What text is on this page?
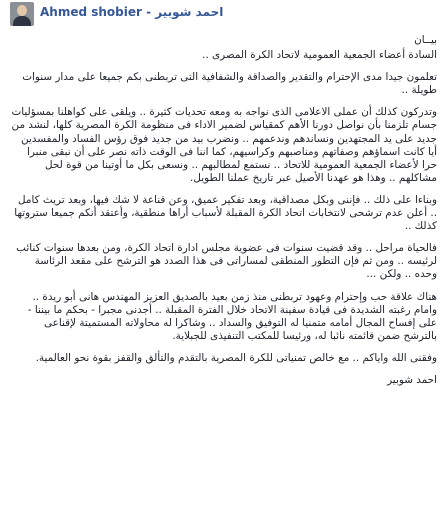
Ahmed shobier - احمد شوبير

بيــان

السادة أعضاء الجمعية العمومية لاتحاد الكرة المصرى ..

تعلمون جيدا مدى الإحترام والتقدير والصداقة والشفافية التى تربطنى بكم جميعا على مدار سنوات طويلة ..

وتدركون كذلك أن عملى الاعلامى الذى نواجه به ومعه تحديات كثيرة .. ويلقى على كواهلنا بمسؤليات جسام تلزمنا بأن نواصل دورنا الأهم كمقياس لضمير الاداء فى منظومة الكرة المصرية كلها، لنشد من جديد على يد المجتهدين ونساندهم وندعمهم .. ونضرب بيد من جديد فوق رؤس الفساد والمفسدين أيا كانت اسماؤهم وصفاتهم ومناصبهم وكراسيهم، كما اننا فى الوقت ذاته نصر على أن نبقى منبرا حرا لأعضاء الجمعية العمومية للاتحاد .. نستمع لمطالبهم .. ونسعى بكل ما أوتينا من قوة لحل مشاكلهم .. وهذا هو عهدنا الأصيل عبر تاريخ عملنا الطويل.

وبناءا على ذلك .. فإننى وبكل مصداقية، وبعد تفكير عميق، وعن قناعة لا شك فيها، وبعد تريث كامل .. أعلن عدم ترشحى لانتخابات اتحاد الكرة المقبلة لأسباب أراها منطقية، وأعتقد أنكم جميعا ستروتها كذلك ..

فالحياة مراحل .. وقد قضيت سنوات فى عضوية مجلس ادارة اتحاد الكرة، ومن بعدها سنوات كنائب لرئيسه .. ومن ثم فإن التطور المنطقى لمساراتى فى هذا الصدد هو الترشح على مقعد الرئاسة وحده .. ولكن ...

هناك علاقة حب وإحترام وعهود تربطنى منذ زمن بعيد بالصديق العزيز المهندس هانى أبو ريدة .. وامام رغبته الشديدة فى قيادة سفينة الاتحاد خلال الفترة المقبلة .. أجدنى مجبرا - بحكم ما بيننا - على إفساح المجال أمامه متمنيا له التوفيق والسداد .. وشاكرا له محاولاته المستميتة لإقناعى بالترشح ضمن قائمته نائبا له، ورئيسا للمكتب التنفيذى للجبلاية.

وفقنى الله واياكم .. مع خالص تمنياتى للكرة المصرية بالتقدم والتألق والقفز بقوة نحو العالمية.

احمد شوبير
